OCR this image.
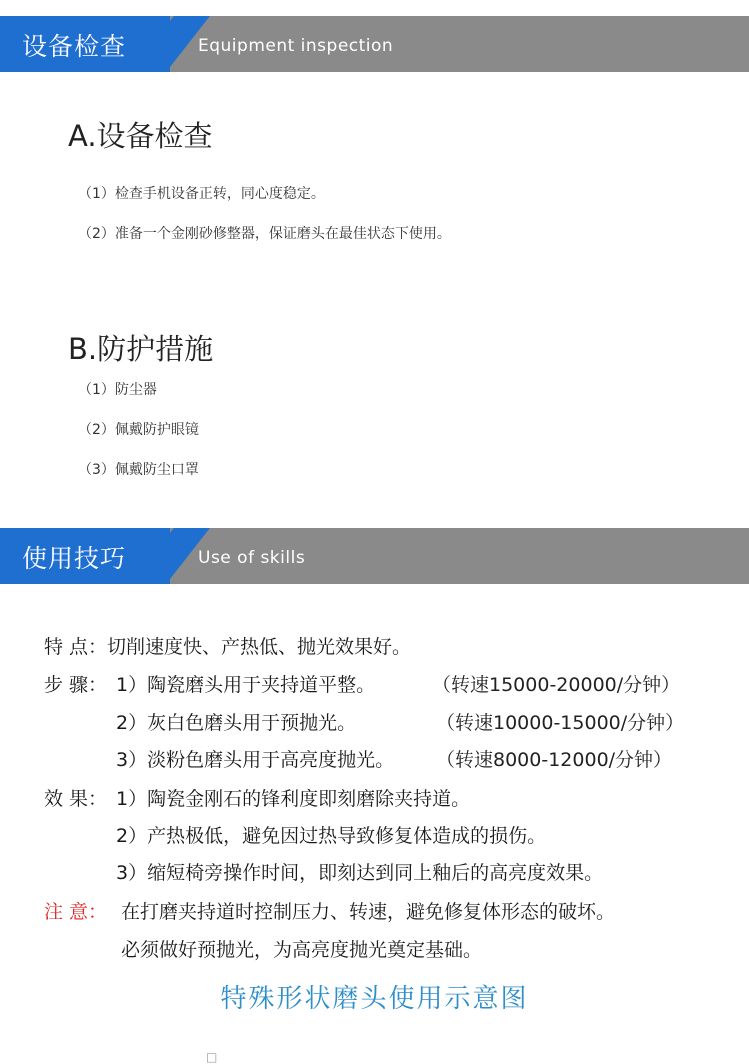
设备检查	Equipment inspection
A.设备检查
（1）检查手机设备正转，同心度稳定。
（2）准备一个金刚砂修整器，保证磨头在最佳状态下使用。
B.防护措施
（1）防尘器
（2）佩戴防护眼镜
（3）佩戴防尘口罩
使用技巧	Use of skills
特 点：切削速度快、产热低、抛光效果好。
步 骤： 1）陶瓷磨头用于夹持道平整。	（转速15000-20000/分钟）
2）灰白色磨头用于预抛光。	（转速10000-15000/分钟）
3）淡粉色磨头用于高亮度抛光。 （转速8000-12000/分钟）
效 果： 1）陶瓷金刚石的锋利度即刻磨除夹持道。
2）产热极低，避免因过热导致修复体造成的损伤。
3）缩短椅旁操作时间，即刻达到同上釉后的高亮度效果。
注 意： 在打磨夹持道时控制压力、转速，避免修复体形态的破坏。
必须做好预抛光，为高亮度抛光奠定基础。
特殊形状磨头使用示意图
□
